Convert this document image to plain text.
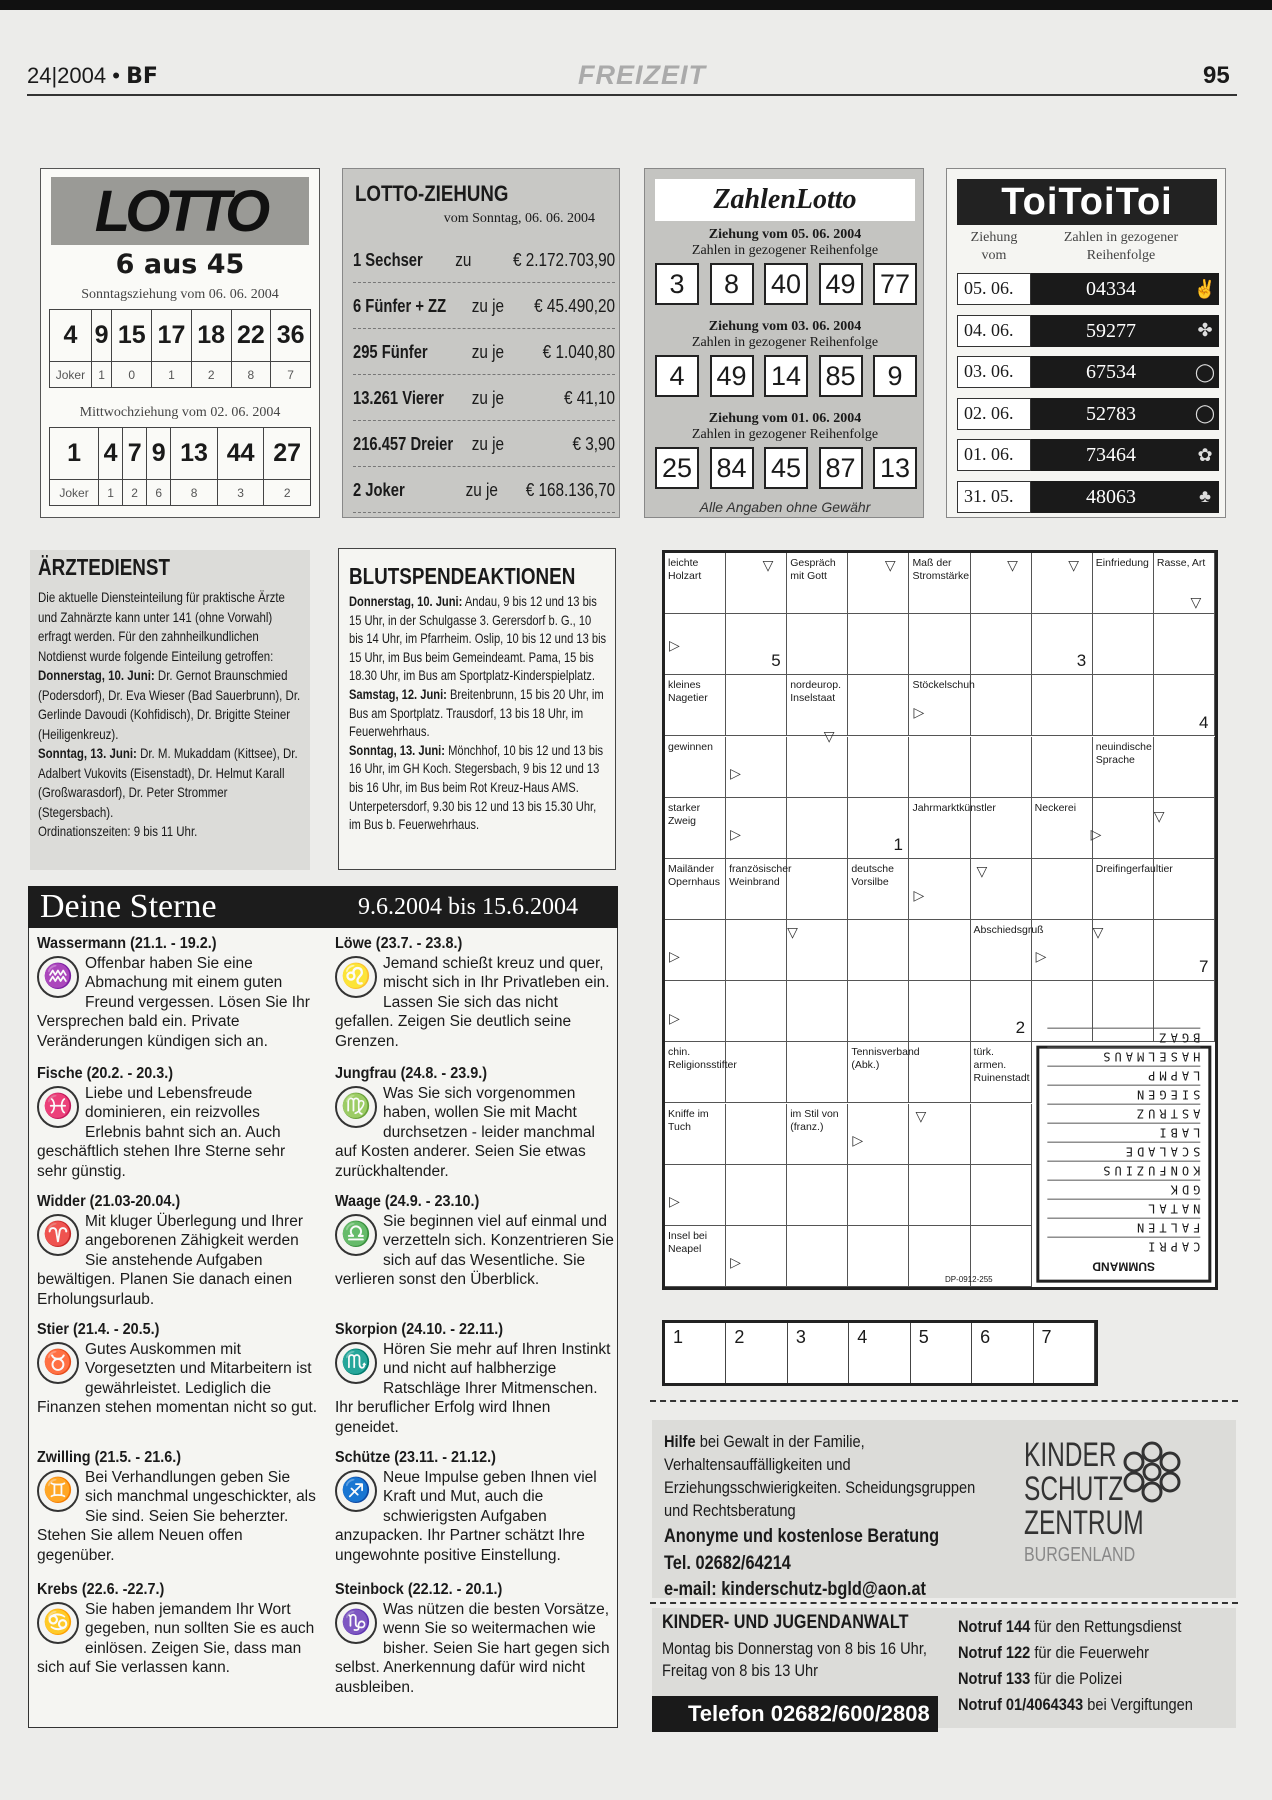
24|2004 • BF	FREIZEIT	95
LOTTO
6 aus 45
Sonntagsziehung vom 06. 06. 2004
4	9	15	17	18	22	36
Joker	1	0	1	2	8	7
Mittwochziehung vom 02. 06. 2004
1	4	7	9	13	44	27
Joker	1	2	6	8	3	2
LOTTO-ZIEHUNG
vom Sonntag, 06. 06. 2004
1 Sechser	zu	€ 2.172.703,90
6 Fünfer + ZZ zu je	€ 45.490,20
295 Fünfer	zu je	€ 1.040,80
13.261 Vierer zu je	€ 41,10
216.457 Dreier zu je	€ 3,90
2 Joker	zu je	€ 168.136,70
ZahlenLotto
Ziehung vom 05. 06. 2004
Zahlen in gezogener Reihenfolge
3	8	40 49 77
Ziehung vom 03. 06. 2004
Zahlen in gezogener Reihenfolge
4	49 14 85	9
Ziehung vom 01. 06. 2004
Zahlen in gezogener Reihenfolge
25 84 45 87 13
Alle Angaben ohne Gewähr
ToiToiToi
Ziehung vom
Zahlen in gezogener Reihenfolge
05. 06.	04334	✌
04. 06.	59277	✤
03. 06.	67534	◯
02. 06.	52783	◯
01. 06.	73464	✿
31. 05.	48063	♣
ÄRZTEDIENST
Die aktuelle Diensteinteilung für praktische Ärzte und Zahnärzte kann unter 141 (ohne Vorwahl) erfragt werden. Für den zahnheilkundlichen Notdienst wurde folgende Einteilung getroffen:
Donnerstag, 10. Juni: Dr. Gernot Braunschmied (Podersdorf), Dr. Eva Wieser (Bad Sauerbrunn), Dr. Gerlinde Davoudi (Kohfidisch), Dr. Brigitte Steiner (Heiligenkreuz).
Sonntag, 13. Juni: Dr. M. Mukaddam (Kittsee), Dr. Adalbert Vukovits (Eisenstadt), Dr. Helmut Karall (Großwarasdorf), Dr. Peter Strommer (Stegersbach).
Ordinationszeiten: 9 bis 11 Uhr.
BLUTSPENDEAKTIONEN
Donnerstag, 10. Juni: Andau, 9 bis 12 und 13 bis 15 Uhr, in der Schulgasse 3. Gerersdorf b. G., 10 bis 14 Uhr, im Pfarrheim. Oslip, 10 bis 12 und 13 bis 15 Uhr, im Bus beim Gemeindeamt. Pama, 15 bis 18.30 Uhr, im Bus am Sportplatz-Kinderspielplatz.
Samstag, 12. Juni: Breitenbrunn, 15 bis 20 Uhr, im Bus am Sportplatz. Trausdorf, 13 bis 18 Uhr, im Feuerwehrhaus.
Sonntag, 13. Juni: Mönchhof, 10 bis 12 und 13 bis 16 Uhr, im GH Koch. Stegersbach, 9 bis 12 und 13 bis 16 Uhr, im Bus beim Rot Kreuz-Haus AMS. Unterpetersdorf, 9.30 bis 12 und 13 bis 15.30 Uhr, im Bus b. Feuerwehrhaus.
Deine Sterne	9.6.2004 bis 15.6.2004
Wassermann (21.1. - 19.2.)
♒ Offenbar haben Sie eine Abmachung mit einem guten Freund vergessen. Lösen Sie Ihr Versprechen bald ein. Private Veränderungen kündigen sich an.
Fische (20.2. - 20.3.)
♓ Liebe und Lebensfreude dominieren, ein reizvolles Erlebnis bahnt sich an. Auch geschäftlich stehen Ihre Sterne sehr sehr günstig.
Widder (21.03-20.04.)
♈ Mit kluger Überlegung und Ihrer angeborenen Zähigkeit werden Sie anstehende Aufgaben bewältigen. Planen Sie danach einen Erholungsurlaub.
Stier (21.4. - 20.5.)
♉ Gutes Auskommen mit Vorgesetzten und Mitarbeitern ist gewährleistet. Lediglich die Finanzen stehen momentan nicht so gut.
Zwilling (21.5. - 21.6.)
♊ Bei Verhandlungen geben Sie sich manchmal ungeschickter, als Sie sind. Seien Sie beherzter. Stehen Sie allem Neuen offen gegenüber.
Krebs (22.6. -22.7.)
♋ Sie haben jemandem Ihr Wort gegeben, nun sollten Sie es auch einlösen. Zeigen Sie, dass man sich auf Sie verlassen kann.
Löwe (23.7. - 23.8.)
♌ Jemand schießt kreuz und quer, mischt sich in Ihr Privatleben ein. Lassen Sie sich das nicht gefallen. Zeigen Sie deutlich seine Grenzen.
Jungfrau (24.8. - 23.9.)
♍ Was Sie sich vorgenommen haben, wollen Sie mit Macht durchsetzen - leider manchmal auf Kosten anderer. Seien Sie etwas zurückhaltender.
Waage (24.9. - 23.10.)
♎ Sie beginnen viel auf einmal und verzetteln sich. Konzentrieren Sie sich auf das Wesentliche. Sie verlieren sonst den Überblick.
Skorpion (24.10. - 22.11.)
♏ Hören Sie mehr auf Ihren Instinkt und nicht auf halbherzige Ratschläge Ihrer Mitmenschen. Ihr beruflicher Erfolg wird Ihnen geneidet.
Schütze (23.11. - 21.12.)
♐ Neue Impulse geben Ihnen viel Kraft und Mut, auch die schwierigsten Aufgaben anzupacken. Ihr Partner schätzt Ihre ungewohnte positive Einstellung.
Steinbock (22.12. - 20.1.)
♑ Was nützen die besten Vorsätze, wenn Sie so weitermachen wie bisher. Seien Sie hart gegen sich selbst. Anerkennung dafür wird nicht ausbleiben.
leichte Holzart
Gespräch mit Gott
Maß der Stromstärke
Einfriedung Rasse, Art
kleines Nagetier
nordeurop. Inselstaat
Stöckelschuh
gewinnen	neuindische Sprache
starker Zweig
Jahrmarktkünstler	Neckerei
Mailänder Opernhaus
französischer Weinbrand
deutsche Vorsilbe
Dreifingerfaultier
Abschiedsgruß
chin. Religionsstifter
Tennisverband (Abk.)
türk. armen. Ruinenstadt
Kniffe im Tuch
im Stil von (franz.)
Insel bei Neapel
5	3
4
1
7
2
▽	▽	▽	▽
▽
▷
▽
▷
▷
▷	▷
▽
▽
▷
▽
▷	▷
▽
▷
▽
▷
▷
▷
DP-0912-255
SUMMAND
CAPRI
FALTEN
NATAL
GDK
KONFUZIUS
SCALADE
LABI
ASTRUZ
SIEGEN
LAPMP
HASELMAUS
BGAZ
1	2	3	4	5	6	7
Hilfe bei Gewalt in der Familie, Verhaltensauffälligkeiten und Erziehungsschwierigkeiten. Scheidungsgruppen und Rechtsberatung
Anonyme und kostenlose Beratung
Tel. 02682/64214
e-mail: kinderschutz-bgld@aon.at
KINDER
SCHUTZ
ZENTRUM
BURGENLAND
KINDER- UND JUGENDANWALT
Montag bis Donnerstag von 8 bis 16 Uhr, Freitag von 8 bis 13 Uhr
Telefon 02682/600/2808
Notruf 144 für den Rettungsdienst
Notruf 122 für die Feuerwehr
Notruf 133 für die Polizei
Notruf 01/4064343 bei Vergiftungen
